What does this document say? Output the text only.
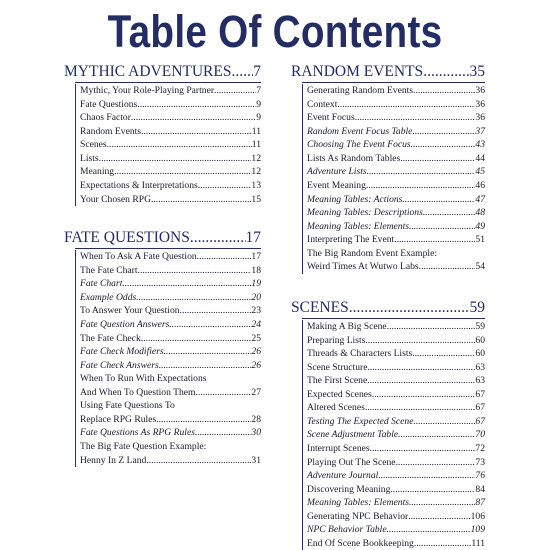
Table Of Contents
MYTHIC ADVENTURES ..... 7
Mythic, Your Role-Playing Partner .....	7
Fate Questions .....	9
Chaos Factor .....	9
Random Events .....	11
Scenes .....	11
Lists .....	12
Meaning .....	12
Expectations & Interpretations .....	13
Your Chosen RPG .....	15
FATE QUESTIONS .....	17
When To Ask A Fate Question .....	17
The Fate Chart .....	18
Fate Chart .....	19
Example Odds .....	20
To Answer Your Question .....	23
Fate Question Answers .....	24
The Fate Check .....	25
Fate Check Modifiers .....	26
Fate Check Answers .....	26
When To Run With Expectations
And When To Question Them .....	27
Using Fate Questions To
Replace RPG Rules .....	28
Fate Questions As RPG Rules .....	30
The Big Fate Question Example:
Henny In Z Land .....	31
RANDOM EVENTS .....	35
Generating Random Events .....	36
Context .....	36
Event Focus .....	36
Random Event Focus Table .....	37
Choosing The Event Focus .....	43
Lists As Random Tables .....	44
Adventure Lists .....	45
Event Meaning .....	46
Meaning Tables: Actions .....	47
Meaning Tables: Descriptions .....	48
Meaning Tables: Elements .....	49
Interpreting The Event .....	51
The Big Random Event Example:
Weird Times At Wutwo Labs .....	54
SCENES .....	59
Making A Big Scene .....	59
Preparing Lists .....	60
Threads & Characters Lists .....	60
Scene Structure .....	63
The First Scene .....	63
Expected Scenes .....	67
Altered Scenes .....	67
Testing The Expected Scene .....	67
Scene Adjustment Table .....	70
Interrupt Scenes .....	72
Playing Out The Scene .....	73
Adventure Journal .....	76
Discovering Meaning .....	84
Meaning Tables: Elements .....	87
Generating NPC Behavior .....	106
NPC Behavior Table .....	109
End Of Scene Bookkeeping .....	111
